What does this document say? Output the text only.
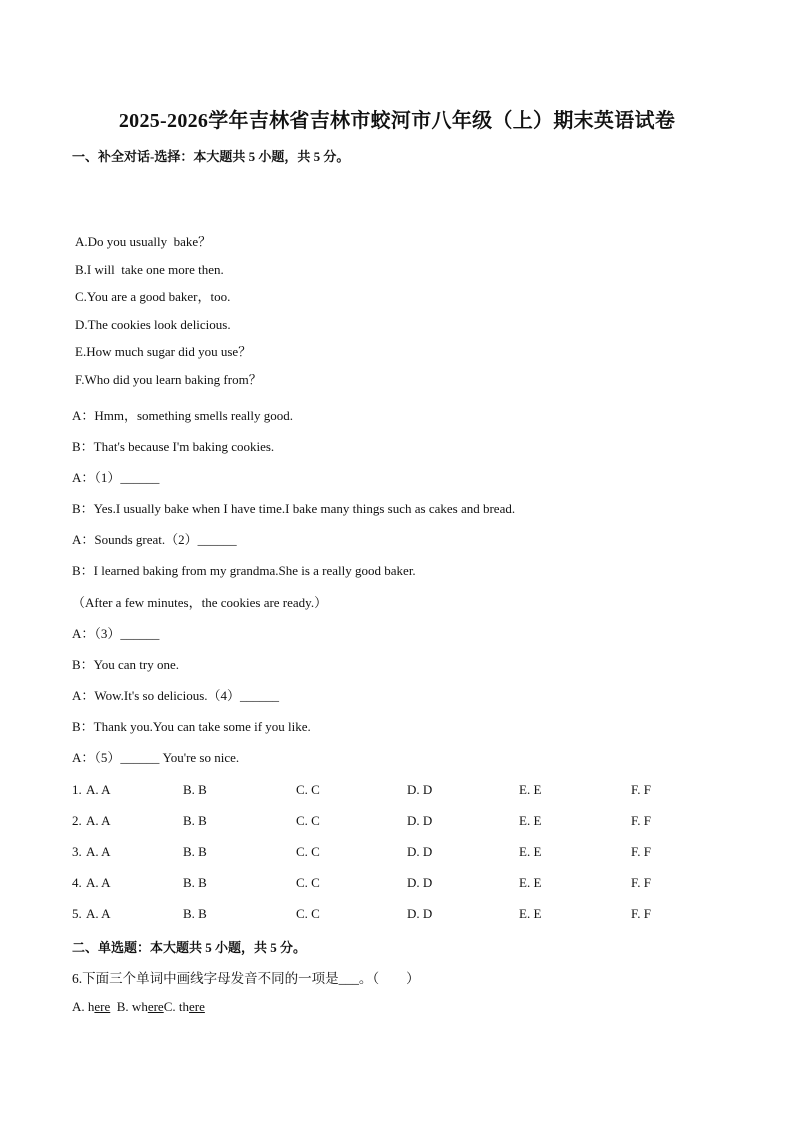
2025-2026学年吉林省吉林市蛟河市八年级（上）期末英语试卷
一、补全对话-选择：本大题共 5 小题，共 5 分。
A.Do you usually  bake？
B.I will  take one more then.
C.You are a good baker，too.
D.The cookies look delicious.
E.How much sugar did you use？
F.Who did you learn baking from？
A：Hmm，something smells really good.
B：That's because I'm baking cookies.
A：（1）______
B：Yes.I usually bake when I have time.I bake many things such as cakes and bread.
A：Sounds great.（2）______
B：I learned baking from my grandma.She is a really good baker.
（After a few minutes，the cookies are ready.）
A：（3）______
B：You can try one.
A：Wow.It's so delicious.（4）______
B：Thank you.You can take some if you like.
A：（5）______ You're so nice.
1. A. A	B. B	C. C	D. D	E. E	F. F
2. A. A	B. B	C. C	D. D	E. E	F. F
3. A. A	B. B	C. C	D. D	E. E	F. F
4. A. A	B. B	C. C	D. D	E. E	F. F
5. A. A	B. B	C. C	D. D	E. E	F. F
二、单选题：本大题共 5 小题，共 5 分。
6.下面三个单词中画线字母发音不同的一项是___。（　　）
A. here  B. whereC. there
